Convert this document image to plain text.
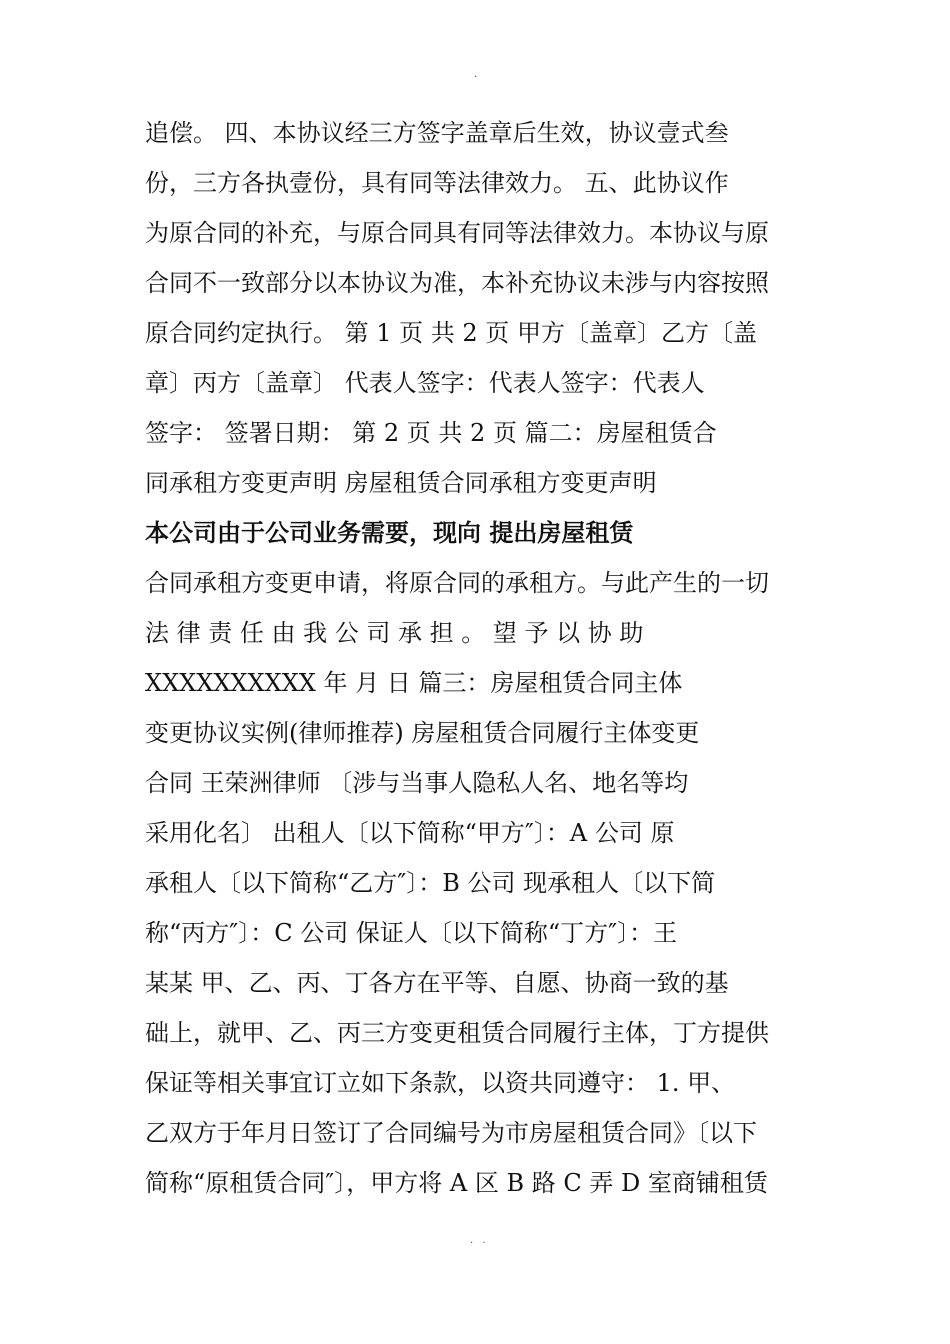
.
追偿。 四、本协议经三方签字盖章后生效，协议壹式叁
份，三方各执壹份，具有同等法律效力。 五、此协议作
为原合同的补充，与原合同具有同等法律效力。本协议与原
合同不一致部分以本协议为准，本补充协议未涉与内容按照
原合同约定执行。 第 1 页 共 2 页 甲方〔盖章〕乙方〔盖
章〕丙方〔盖章〕 代表人签字：代表人签字：代表人
签字： 签署日期： 第 2 页 共 2 页 篇二：房屋租赁合
同承租方变更声明 房屋租赁合同承租方变更声明
本公司由于公司业务需要，现向 提出房屋租赁
合同承租方变更申请，将原合同的承租方。与此产生的一切
法 律 责 任 由 我 公 司 承 担 。 望 予 以 协 助
XXXXXXXXXX 年 月 日 篇三：房屋租赁合同主体
变更协议实例(律师推荐) 房屋租赁合同履行主体变更
合同 王荣洲律师 〔涉与当事人隐私人名、地名等均
采用化名〕 出租人〔以下简称“甲方″〕：A 公司 原
承租人〔以下简称“乙方″〕：B 公司 现承租人〔以下简
称“丙方″〕：C 公司 保证人〔以下简称“丁方″〕：王
某某 甲、乙、丙、丁各方在平等、自愿、协商一致的基
础上，就甲、乙、丙三方变更租赁合同履行主体，丁方提供
保证等相关事宜订立如下条款，以资共同遵守： 1. 甲、
乙双方于年月日签订了合同编号为市房屋租赁合同》〔以下
简称“原租赁合同″〕，甲方将 A 区 B 路 C 弄 D 室商铺租赁
. .
